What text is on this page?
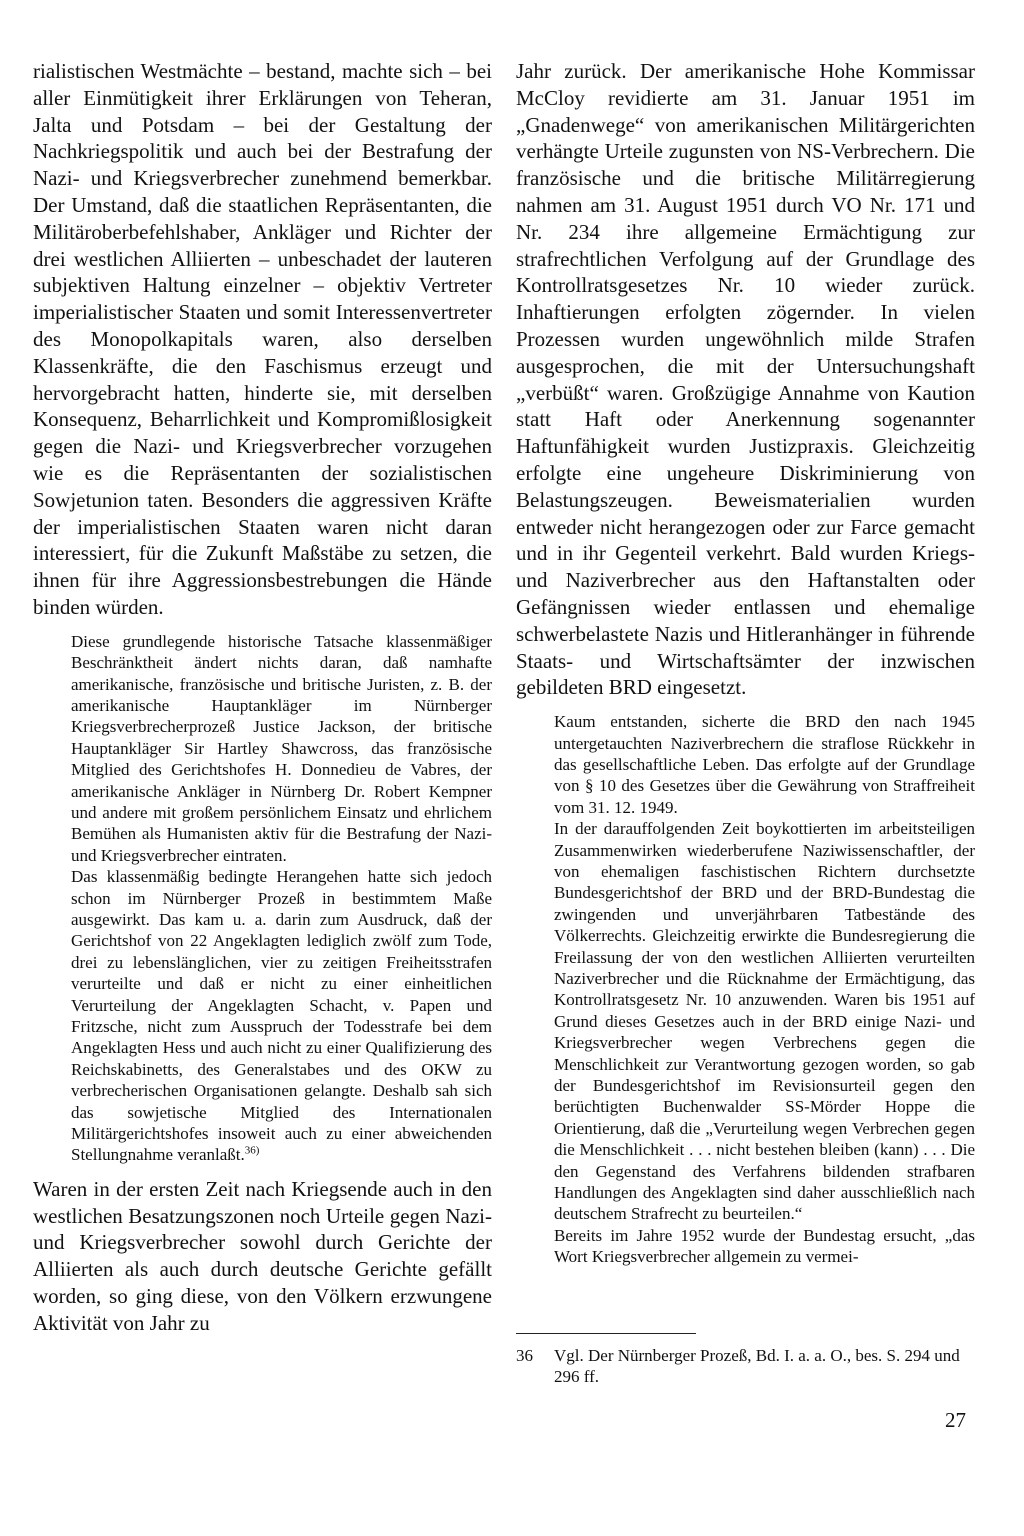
rialistischen Westmächte – bestand, machte sich – bei aller Einmütigkeit ihrer Erklärungen von Teheran, Jalta und Potsdam – bei der Gestaltung der Nachkriegspolitik und auch bei der Bestrafung der Nazi- und Kriegsverbrecher zunehmend bemerkbar. Der Umstand, daß die staatlichen Repräsentanten, die Militäroberbefehlshaber, Ankläger und Richter der drei westlichen Alliierten – unbeschadet der lauteren subjektiven Haltung einzelner – objektiv Vertreter imperialistischer Staaten und somit Interessenvertreter des Monopolkapitals waren, also derselben Klassenkräfte, die den Faschismus erzeugt und hervorgebracht hatten, hinderte sie, mit derselben Konsequenz, Beharrlichkeit und Kompromißlosigkeit gegen die Nazi- und Kriegsverbrecher vorzugehen wie es die Repräsentanten der sozialistischen Sowjetunion taten. Besonders die aggressiven Kräfte der imperialistischen Staaten waren nicht daran interessiert, für die Zukunft Maßstäbe zu setzen, die ihnen für ihre Aggressionsbestrebungen die Hände binden würden.

Diese grundlegende historische Tatsache klassenmäßiger Beschränktheit ändert nichts daran, daß namhafte amerikanische, französische und britische Juristen, z. B. der amerikanische Hauptankläger im Nürnberger Kriegsverbrecherprozeß Justice Jackson, der britische Hauptankläger Sir Hartley Shawcross, das französische Mitglied des Gerichtshofes H. Donnedieu de Vabres, der amerikanische Ankläger in Nürnberg Dr. Robert Kempner und andere mit großem persönlichem Einsatz und ehrlichem Bemühen als Humanisten aktiv für die Bestrafung der Nazi- und Kriegsverbrecher eintraten.

Das klassenmäßig bedingte Herangehen hatte sich jedoch schon im Nürnberger Prozeß in bestimmtem Maße ausgewirkt. Das kam u. a. darin zum Ausdruck, daß der Gerichtshof von 22 Angeklagten lediglich zwölf zum Tode, drei zu lebenslänglichen, vier zu zeitigen Freiheitsstrafen verurteilte und daß er nicht zu einer einheitlichen Verurteilung der Angeklagten Schacht, v. Papen und Fritzsche, nicht zum Ausspruch der Todesstrafe bei dem Angeklagten Hess und auch nicht zu einer Qualifizierung des Reichskabinetts, des Generalstabes und des OKW zu verbrecherischen Organisationen gelangte. Deshalb sah sich das sowjetische Mitglied des Internationalen Militärgerichtshofes insoweit auch zu einer abweichenden Stellungnahme veranlaßt.$^{36)}$

Waren in der ersten Zeit nach Kriegsende auch in den westlichen Besatzungszonen noch Urteile gegen Nazi- und Kriegsverbrecher sowohl durch Gerichte der Alliierten als auch durch deutsche Gerichte gefällt worden, so ging diese, von den Völkern erzwungene Aktivität von Jahr zu

Jahr zurück. Der amerikanische Hohe Kommissar McCloy revidierte am 31. Januar 1951 im „Gnadenwege“ von amerikanischen Militärgerichten verhängte Urteile zugunsten von NS-Verbrechern. Die französische und die britische Militärregierung nahmen am 31. August 1951 durch VO Nr. 171 und Nr. 234 ihre allgemeine Ermächtigung zur strafrechtlichen Verfolgung auf der Grundlage des Kontrollratsgesetzes Nr. 10 wieder zurück. Inhaftierungen erfolgten zögernder. In vielen Prozessen wurden ungewöhnlich milde Strafen ausgesprochen, die mit der Untersuchungshaft „verbüßt“ waren. Großzügige Annahme von Kaution statt Haft oder Anerkennung sogenannter Haftunfähigkeit wurden Justizpraxis. Gleichzeitig erfolgte eine ungeheure Diskriminierung von Belastungszeugen. Beweismaterialien wurden entweder nicht herangezogen oder zur Farce gemacht und in ihr Gegenteil verkehrt. Bald wurden Kriegs- und Naziverbrecher aus den Haftanstalten oder Gefängnissen wieder entlassen und ehemalige schwerbelastete Nazis und Hitleranhänger in führende Staats- und Wirtschaftsämter der inzwischen gebildeten BRD eingesetzt.

Kaum entstanden, sicherte die BRD den nach 1945 untergetauchten Naziverbrechern die straflose Rückkehr in das gesellschaftliche Leben. Das erfolgte auf der Grundlage von § 10 des Gesetzes über die Gewährung von Straffreiheit vom 31. 12. 1949.

In der darauffolgenden Zeit boykottierten im arbeitsteiligen Zusammenwirken wiederberufene Naziwissenschaftler, der von ehemaligen faschistischen Richtern durchsetzte Bundesgerichtshof der BRD und der BRD-Bundestag die zwingenden und unverjährbaren Tatbestände des Völkerrechts. Gleichzeitig erwirkte die Bundesregierung die Freilassung der von den westlichen Alliierten verurteilten Naziverbrecher und die Rücknahme der Ermächtigung, das Kontrollratsgesetz Nr. 10 anzuwenden. Waren bis 1951 auf Grund dieses Gesetzes auch in der BRD einige Nazi- und Kriegsverbrecher wegen Verbrechens gegen die Menschlichkeit zur Verantwortung gezogen worden, so gab der Bundesgerichtshof im Revisionsurteil gegen den berüchtigten Buchenwalder SS-Mörder Hoppe die Orientierung, daß die „Verurteilung wegen Verbrechen gegen die Menschlichkeit . . . nicht bestehen bleiben (kann) . . . Die den Gegenstand des Verfahrens bildenden strafbaren Handlungen des Angeklagten sind daher ausschließlich nach deutschem Strafrecht zu beurteilen.“

Bereits im Jahre 1952 wurde der Bundestag ersucht, „das Wort Kriegsverbrecher allgemein zu vermei-

36	Vgl. Der Nürnberger Prozeß, Bd. I. a. a. O., bes. S. 294 und 296 ff.
27
